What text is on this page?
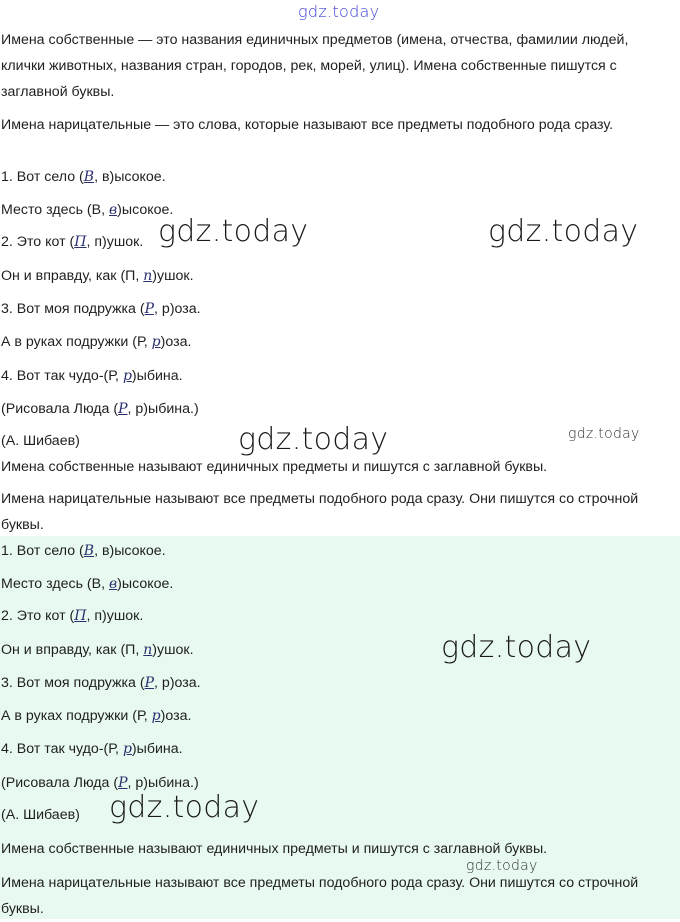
gdz.today
Имена собственные — это названия единичных предметов (имена, отчества, фамилии людей, клички животных, названия стран, городов, рек, морей, улиц). Имена собственные пишутся с заглавной буквы.
Имена нарицательные — это слова, которые называют все предметы подобного рода сразу.
1. Вот село (В, в)ысокое.
Место здесь (В, в)ысокое.
2. Это кот (П, п)ушок.
Он и вправду, как (П, п)ушок.
3. Вот моя подружка (Р, р)оза.
А в руках подружки (Р, р)оза.
4. Вот так чудо-(Р, р)ыбина.
(Рисовала Люда (Р, р)ыбина.)
(А. Шибаев)
Имена собственные называют единичных предметы и пишутся с заглавной буквы.
Имена нарицательные называют все предметы подобного рода сразу. Они пишутся со строчной буквы.
1. Вот село (В, в)ысокое.
Место здесь (В, в)ысокое.
2. Это кот (П, п)ушок.
Он и вправду, как (П, п)ушок.
3. Вот моя подружка (Р, р)оза.
А в руках подружки (Р, р)оза.
4. Вот так чудо-(Р, р)ыбина.
(Рисовала Люда (Р, р)ыбина.)
(А. Шибаев)
Имена собственные называют единичных предметы и пишутся с заглавной буквы.
Имена нарицательные называют все предметы подобного рода сразу. Они пишутся со строчной буквы.
gdz.today	gdz.today
gdz.today	gdz.today
gdz.today
gdz.today
gdz.today
